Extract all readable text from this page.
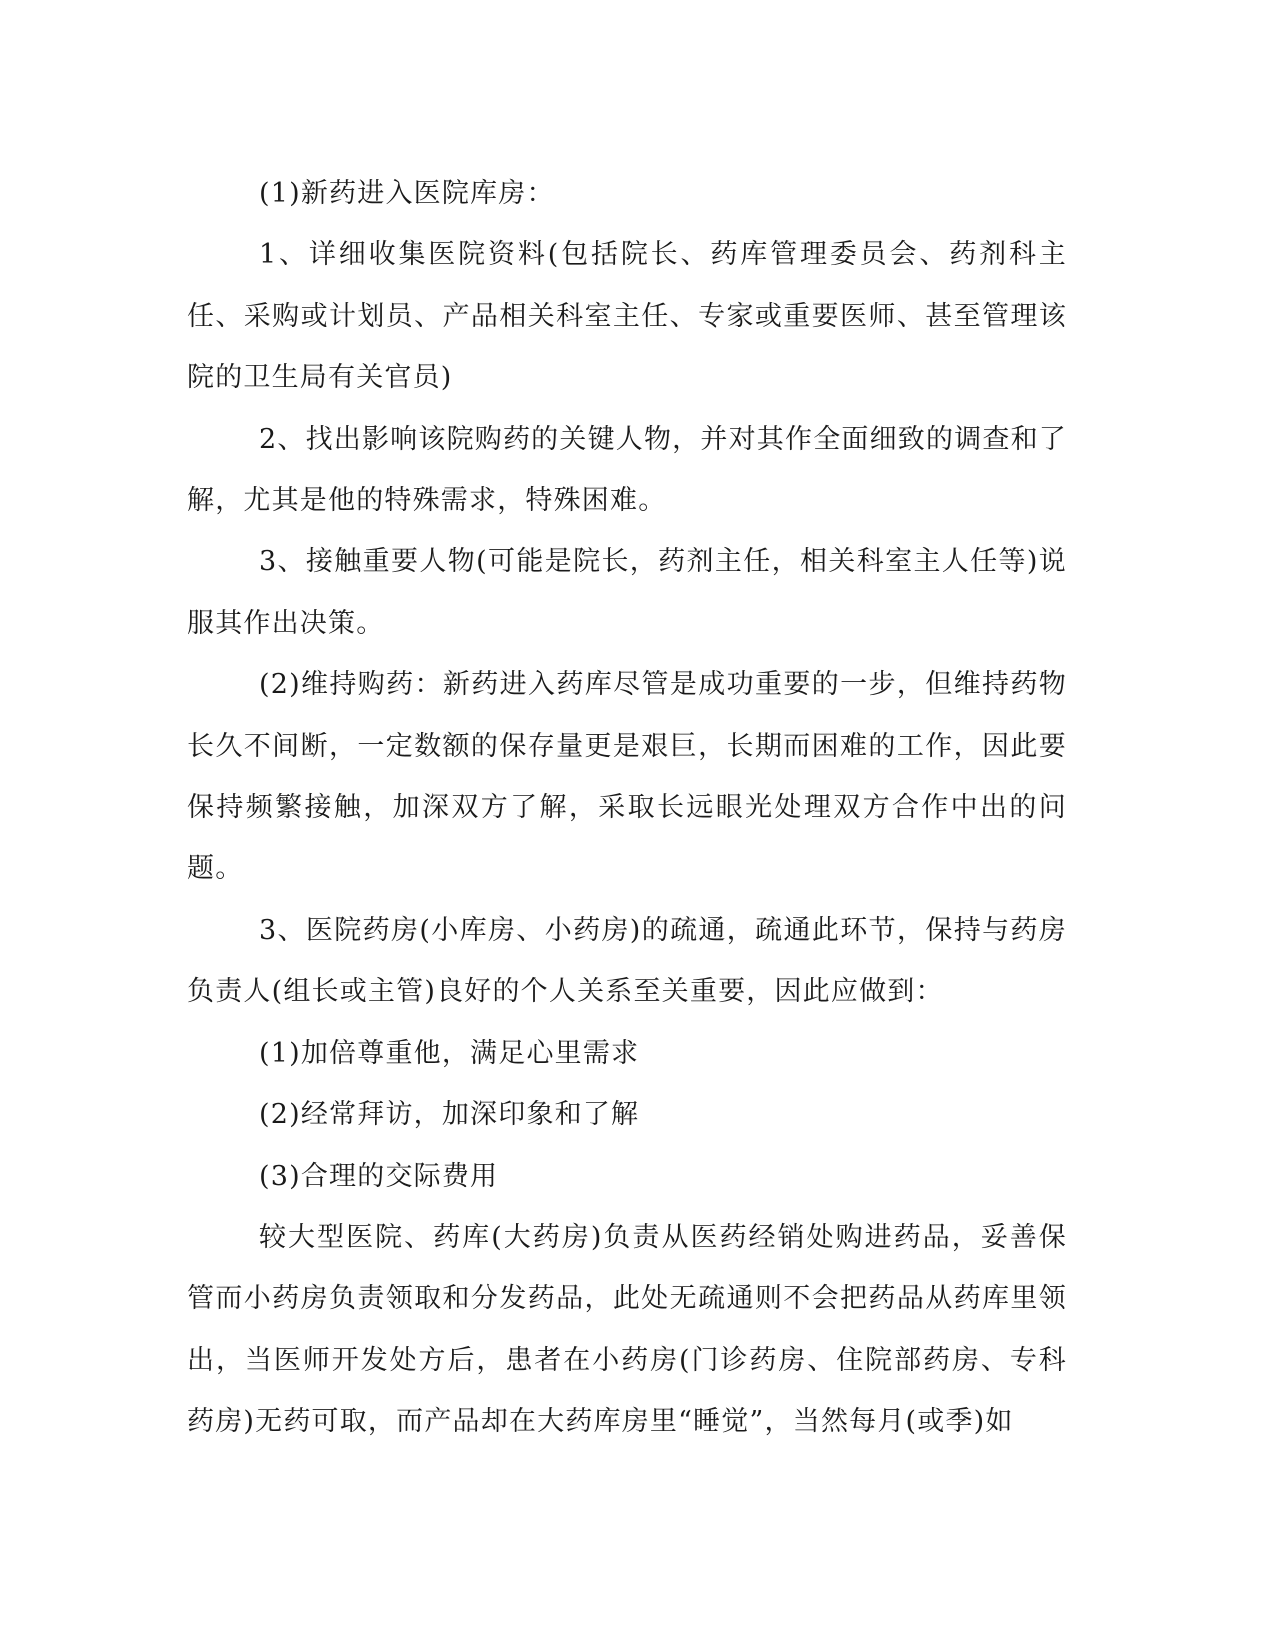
(1)新药进入医院库房：

1、详细收集医院资料(包括院长、药库管理委员会、药剂科主任、采购或计划员、产品相关科室主任、专家或重要医师、甚至管理该院的卫生局有关官员)

2、找出影响该院购药的关键人物，并对其作全面细致的调查和了解，尤其是他的特殊需求，特殊困难。

3、接触重要人物(可能是院长，药剂主任，相关科室主人任等)说服其作出决策。

(2)维持购药：新药进入药库尽管是成功重要的一步，但维持药物长久不间断，一定数额的保存量更是艰巨，长期而困难的工作，因此要保持频繁接触，加深双方了解，采取长远眼光处理双方合作中出的问题。

3、医院药房(小库房、小药房)的疏通，疏通此环节，保持与药房负责人(组长或主管)良好的个人关系至关重要，因此应做到：

(1)加倍尊重他，满足心里需求

(2)经常拜访，加深印象和了解

(3)合理的交际费用

较大型医院、药库(大药房)负责从医药经销处购进药品，妥善保管而小药房负责领取和分发药品，此处无疏通则不会把药品从药库里领出，当医师开发处方后，患者在小药房(门诊药房、住院部药房、专科药房)无药可取，而产品却在大药库房里“睡觉”，当然每月(或季)如
